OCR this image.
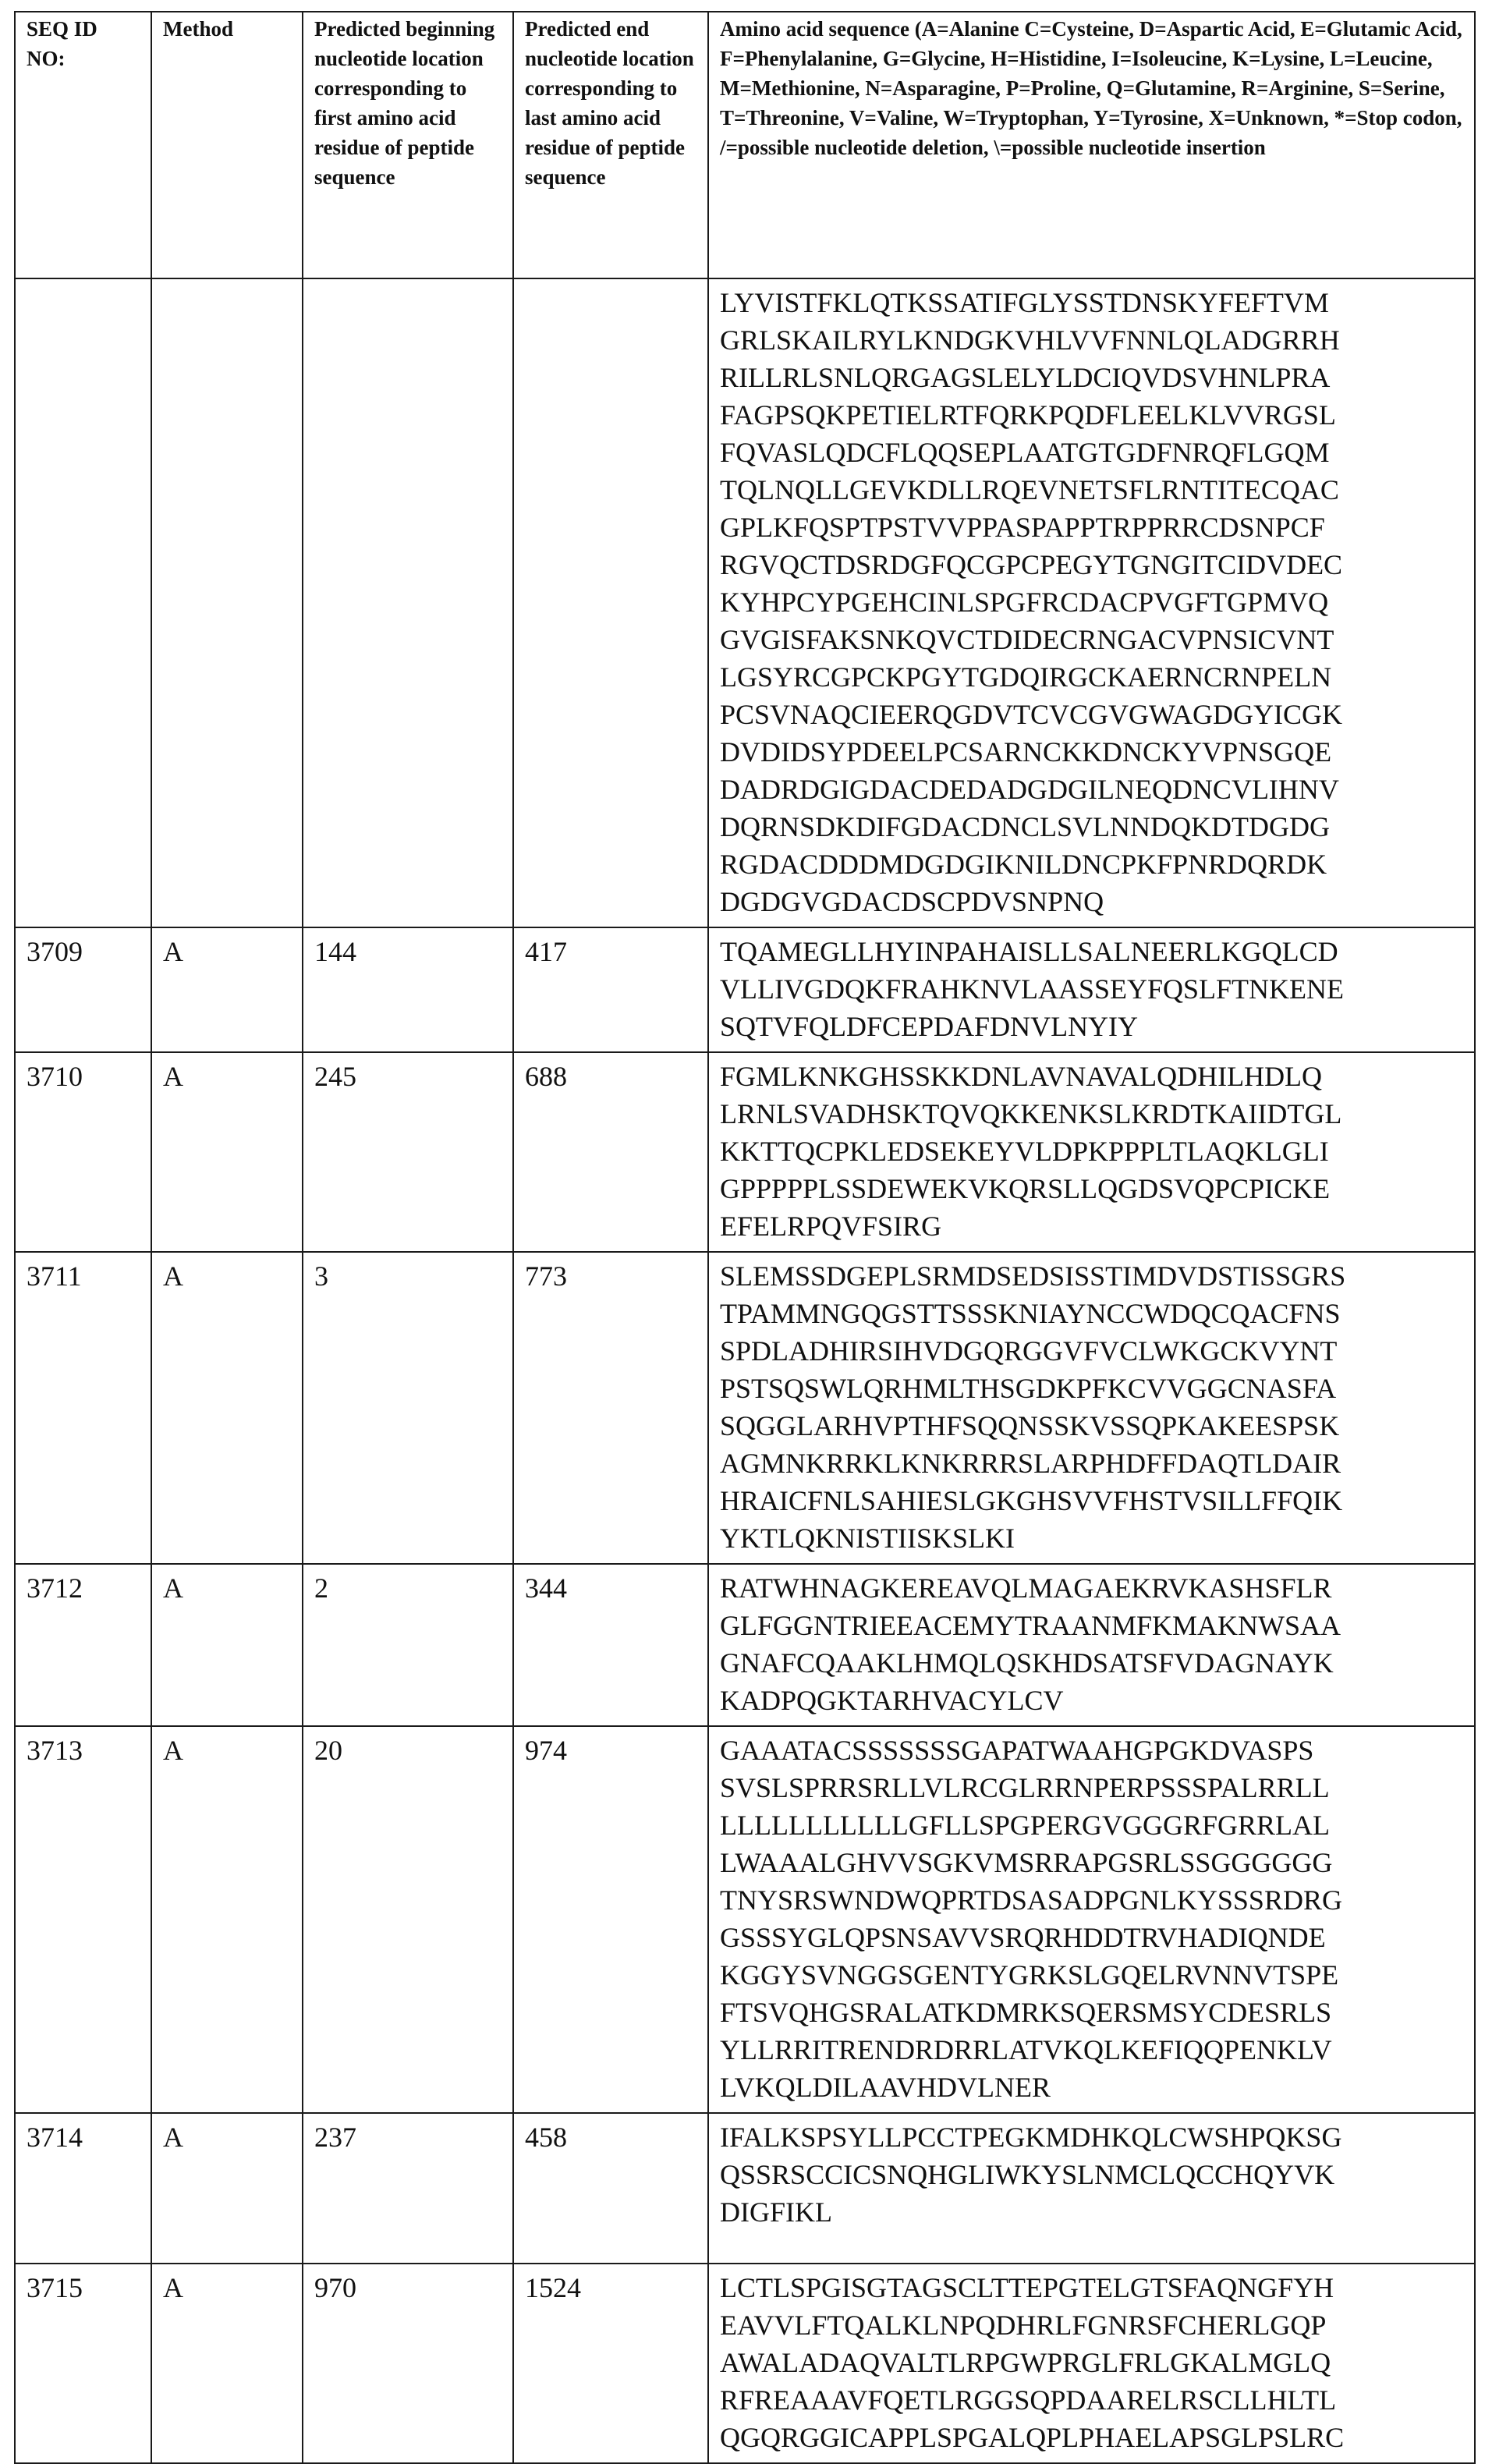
SEQ ID NO:	Method	Predicted beginning nucleotide location corresponding to first amino acid residue of peptide sequence	Predicted end nucleotide location corresponding to last amino acid residue of peptide sequence	Amino acid sequence (A=Alanine C=Cysteine, D=Aspartic Acid, E=Glutamic Acid, F=Phenylalanine, G=Glycine, H=Histidine, I=Isoleucine, K=Lysine, L=Leucine, M=Methionine, N=Asparagine, P=Proline, Q=Glutamine, R=Arginine, S=Serine, T=Threonine, V=Valine, W=Tryptophan, Y=Tyrosine, X=Unknown, *=Stop codon, /=possible nucleotide deletion, \=possible nucleotide insertion
				LYVISTFKLQTKSSATIFGLYSSTDNSKYFEFTVM
GRLSKAILRYLKNDGKVHLVVFNNLQLADGRRH
RILLRLSNLQRGAGSLELYLDCIQVDSVHNLPRA
FAGPSQKPETIELRTFQRKPQDFLEELKLVVRGSL
FQVASLQDCFLQQSEPLAATGTGDFNRQFLGQM
TQLNQLLGEVKDLLRQEVNETSFLRNTITECQAC
GPLKFQSPTPSTVVPPASPAPPTRPPRRCDSNPCF
RGVQCTDSRDGFQCGPCPEGYTGNGITCIDVDEC
KYHPCYPGEHCINLSPGFRCDACPVGFTGPMVQ
GVGISFAKSNKQVCTDIDECRNGACVPNSICVNT
LGSYRCGPCKPGYTGDQIRGCKAERNCRNPELN
PCSVNAQCIEERQGDVTCVCGVGWAGDGYICGK
DVDIDSYPDEELPCSARNCKKDNCKYVPNSGQE
DADRDGIGDACDEDADGDGILNEQDNCVLIHNV
DQRNSDKDIFGDACDNCLSVLNNDQKDTDGDG
RGDACDDDMDGDGIKNILDNCPKFPNRDQRDK
DGDGVGDACDSCPDVSNPNQ
3709	A	144	417	TQAMEGLLHYINPAHAISLLSALNEERLKGQLCD
VLLIVGDQKFRAHKNVLAASSEYFQSLFTNKENE
SQTVFQLDFCEPDAFDNVLNYIY
3710	A	245	688	FGMLKNKGHSSKKDNLAVNAVALQDHILHDLQ
LRNLSVADHSKTQVQKKENKSLKRDTKAIIDTGL
KKTTQCPKLEDSEKEYVLDPKPPPLTLAQKLGLI
GPPPPPLSSDEWEKVKQRSLLQGDSVQPCPICKE
EFELRPQVFSIRG
3711	A	3	773	SLEMSSDGEPLSRMDSEDSISSTIMDVDSTISSGRS
TPAMMNGQGSTTSSSKNIAYNCCWDQCQACFNS
SPDLADHIRSIHVDGQRGGVFVCLWKGCKVYNT
PSTSQSWLQRHMLTHSGDKPFKCVVGGCNASFA
SQGGLARHVPTHFSQQNSSKVSSQPKAKEESPSK
AGMNKRRKLKNKRRRSLARPHDFFDAQTLDAIR
HRAICFNLSAHIESLGKGHSVVFHSTVSILLFFQIK
YKTLQKNISTIISKSLKI
3712	A	2	344	RATWHNAGKEREAVQLMAGAEKRVKASHSFLR
GLFGGNTRIEEACEMYTRAANMFKMAKNWSAA
GNAFCQAAKLHMQLQSKHDSATSFVDAGNAYK
KADPQGKTARHVACYLCV
3713	A	20	974	GAAATACSSSSSSSGAPATWAAHGPGKDVASPS
SVSLSPRRSRLLVLRCGLRRNPERPSSSPALRRLL
LLLLLLLLLLLGFLLSPGPERGVGGGRFGRRLAL
LWAAALGHVVSGKVMSRRAPGSRLSSGGGGGG
TNYSRSWNDWQPRTDSASADPGNLKYSSSRDRG
GSSSYGLQPSNSAVVSRQRHDDTRVHADIQNDE
KGGYSVNGGSGENTYGRKSLGQELRVNNVTSPE
FTSVQHGSRALATKDMRKSQERSMSYCDESRLS
YLLRRITRENDRDRRLATVKQLKEFIQQPENKLV
LVKQLDILAAVHDVLNER
3714	A	237	458	IFALKSPSYLLPCCTPEGKMDHKQLCWSHPQKSG
QSSRSCCICSNQHGLIWKYSLNMCLQCCHQYVK
DIGFIKL
3715	A	970	1524	LCTLSPGISGTAGSCLTTEPGTELGTSFAQNGFYH
EAVVLFTQALKLNPQDHRLFGNRSFCHERLGQP
AWALADAQVALTLRPGWPRGLFRLGKALMGLQ
RFREAAAVFQETLRGGSQPDAARELRSCLLHLTL
QGQRGGICAPPLSPGALQPLPHAELAPSGLPSLRC
